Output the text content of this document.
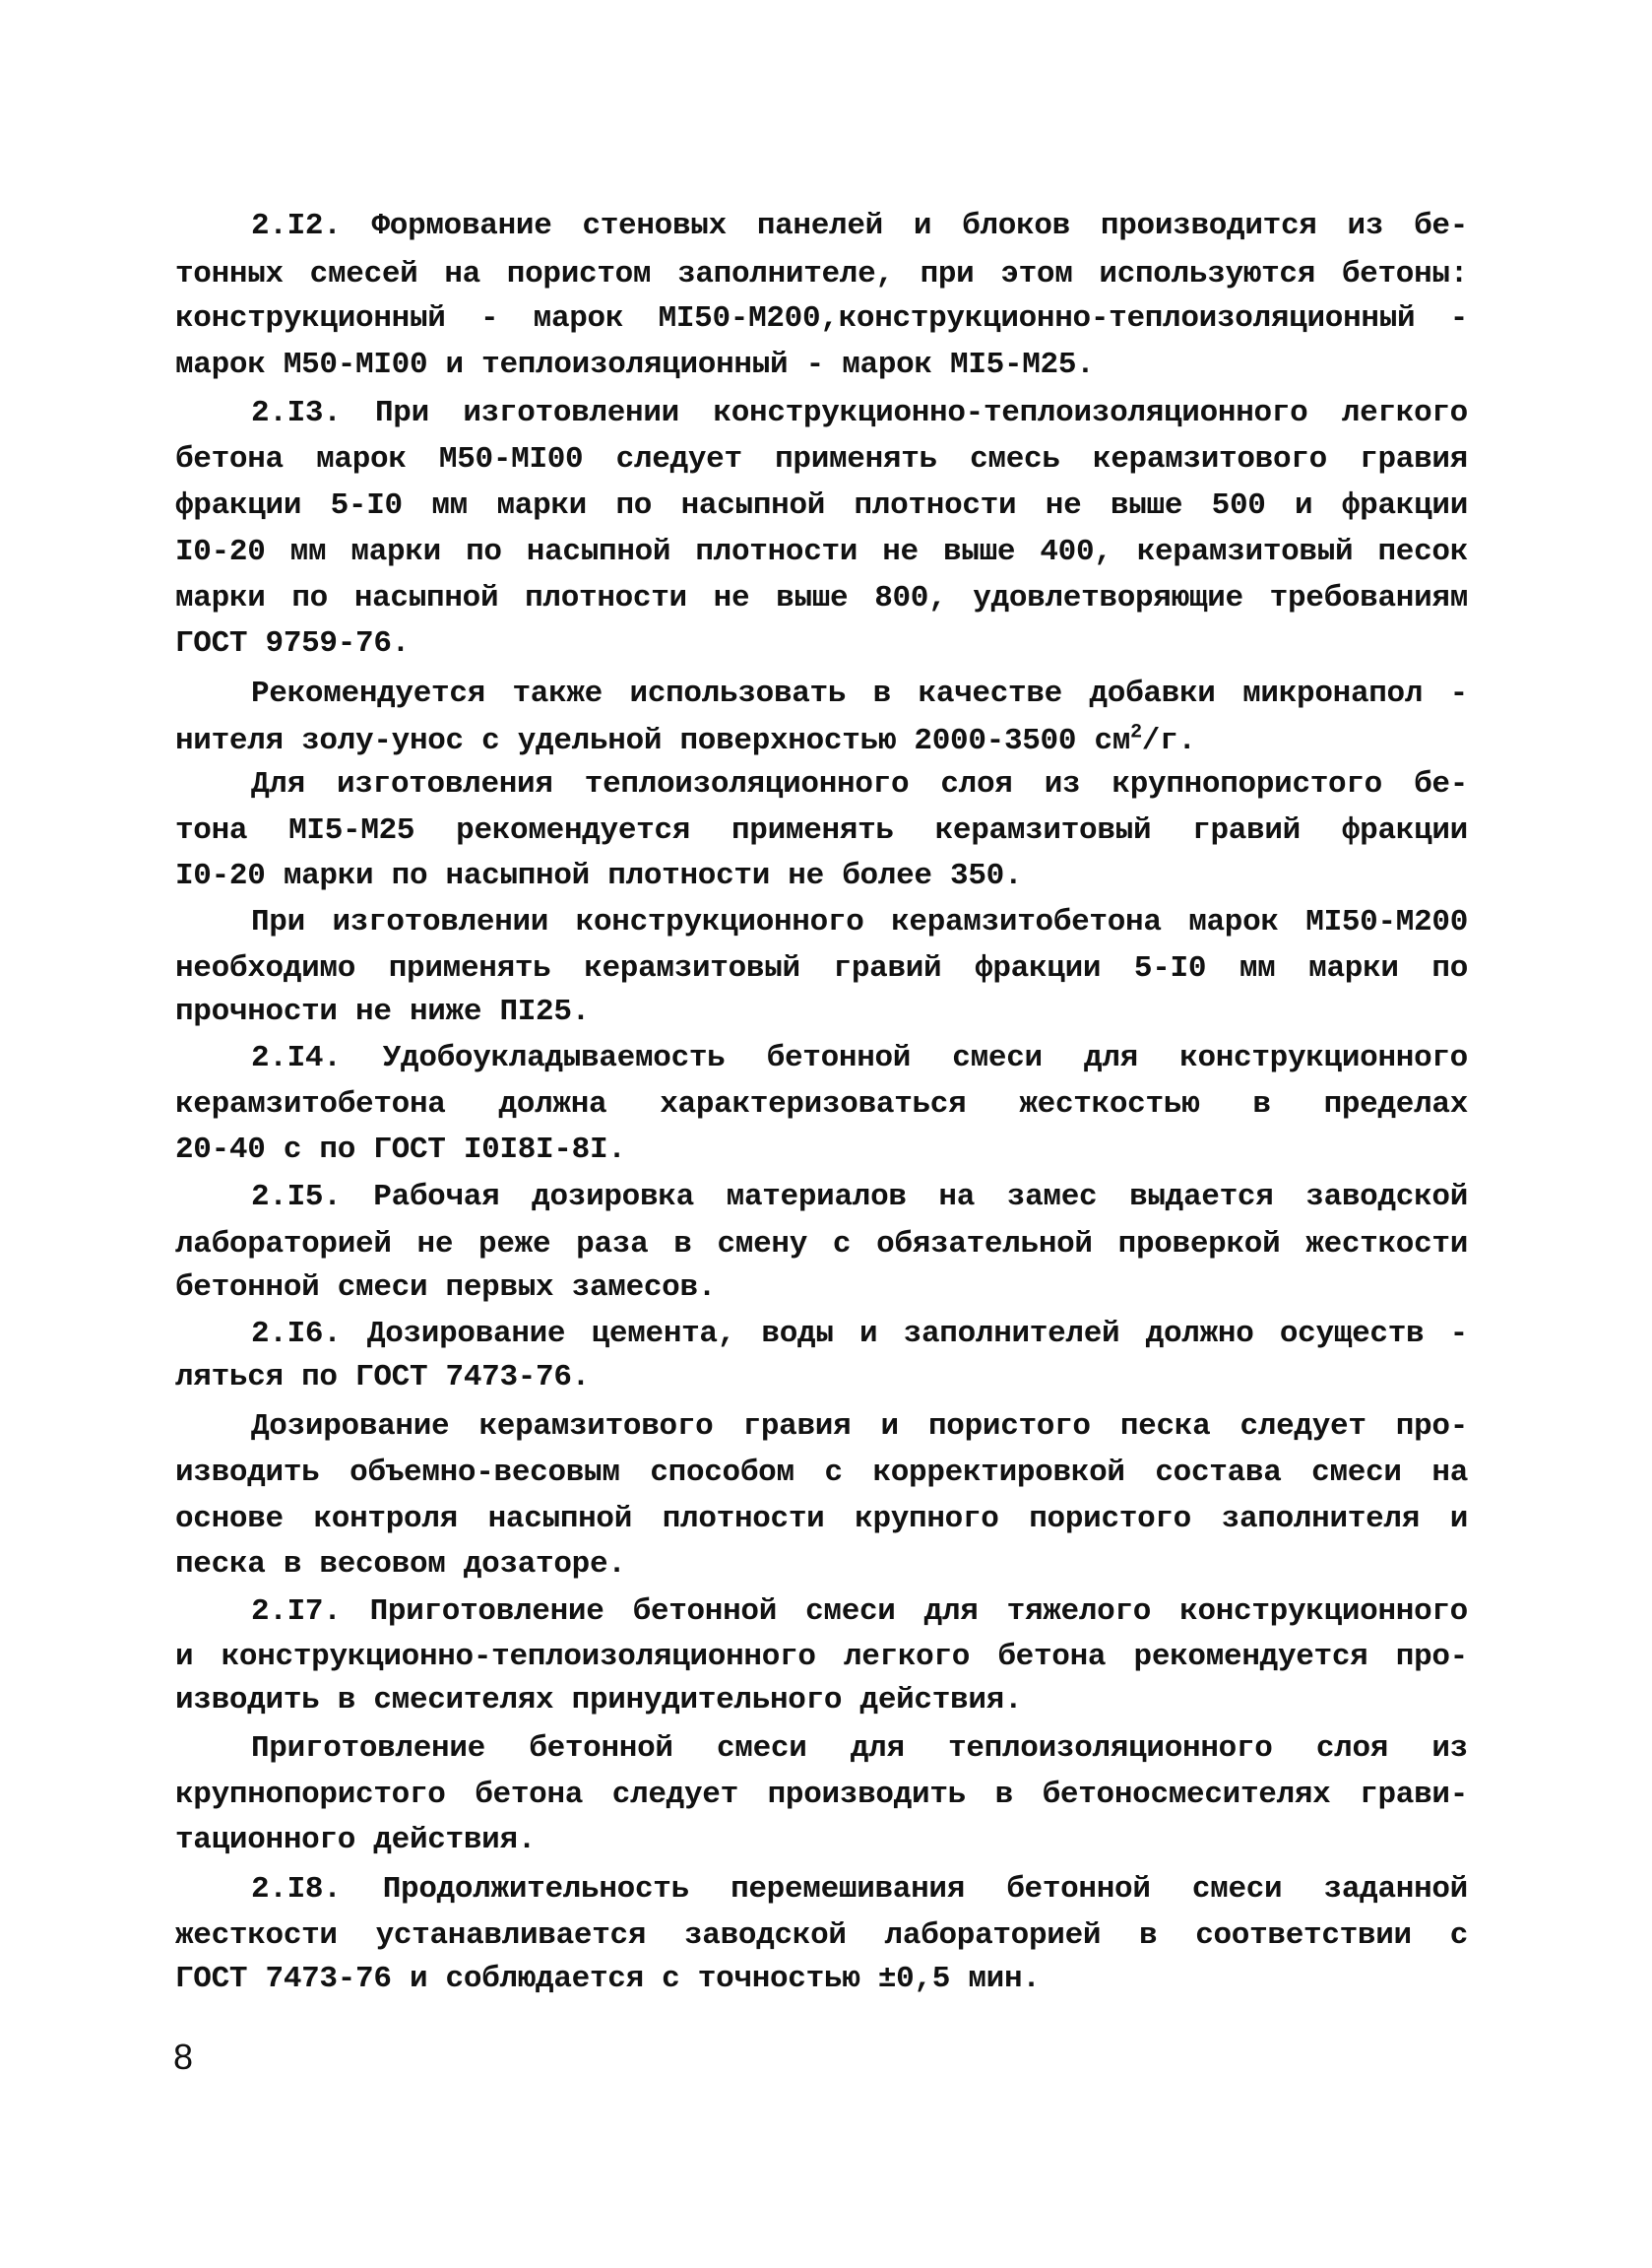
2.I2. Формование стеновых панелей и блоков производится из бе-
тонных смесей на пористом заполнителе, при этом используются бетоны:
конструкционный - марок MI50-M200,конструкционно-теплоизоляционный -
марок M50-MI00 и теплоизоляционный - марок MI5-M25.
2.I3. При изготовлении конструкционно-теплоизоляционного легкого
бетона марок M50-MI00 следует применять смесь керамзитового гравия
фракции 5-I0 мм марки по насыпной плотности не выше 500 и фракции
I0-20 мм марки по насыпной плотности не выше 400, керамзитовый песок
марки по насыпной плотности не выше 800, удовлетворяющие требованиям
ГОСТ 9759-76.
Рекомендуется также использовать в качестве добавки микронапол -
нителя золу-унос с удельной поверхностью 2000-3500 $см^2/г$.
Для изготовления теплоизоляционного слоя из крупнопористого бе-
тона MI5-M25 рекомендуется применять керамзитовый гравий фракции
I0-20 марки по насыпной плотности не более 350.
При изготовлении конструкционного керамзитобетона марок MI50-M200
необходимо применять керамзитовый гравий фракции 5-I0 мм марки по
прочности не ниже ПI25.
2.I4. Удобоукладываемость бетонной смеси для конструкционного
керамзитобетона должна характеризоваться жесткостью в пределах
20-40 с по ГОСТ I0I8I-8I.
2.I5. Рабочая дозировка материалов на замес выдается заводской
лабораторией не реже раза в смену с обязательной проверкой жесткости
бетонной смеси первых замесов.
2.I6. Дозирование цемента, воды и заполнителей должно осуществ -
ляться по ГОСТ 7473-76.
Дозирование керамзитового гравия и пористого песка следует про-
изводить объемно-весовым способом с корректировкой состава смеси на
основе контроля насыпной плотности крупного пористого заполнителя и
песка в весовом дозаторе.
2.I7. Приготовление бетонной смеси для тяжелого конструкционного
и конструкционно-теплоизоляционного легкого бетона рекомендуется про-
изводить в смесителях принудительного действия.
Приготовление бетонной смеси для теплоизоляционного слоя из
крупнопористого бетона следует производить в бетоносмесителях грави-
тационного действия.
2.I8. Продолжительность перемешивания бетонной смеси заданной
жесткости устанавливается заводской лабораторией в соответствии с
ГОСТ 7473-76 и соблюдается с точностью ±0,5 мин.
8
